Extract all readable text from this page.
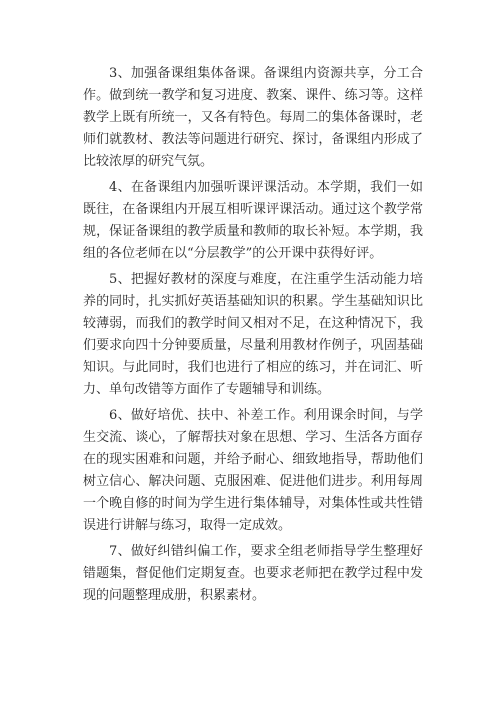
3、加强备课组集体备课。备课组内资源共享，分工合
作。做到统一教学和复习进度、教案、课件、练习等。这样
教学上既有所统一，又各有特色。每周二的集体备课时，老
师们就教材、教法等问题进行研究、探讨，备课组内形成了
比较浓厚的研究气氛。
4、在备课组内加强听课评课活动。本学期，我们一如
既往，在备课组内开展互相听课评课活动。通过这个教学常
规，保证备课组的教学质量和教师的取长补短。本学期，我
组的各位老师在以“分层教学”的公开课中获得好评。
5、把握好教材的深度与难度，在注重学生活动能力培
养的同时，扎实抓好英语基础知识的积累。学生基础知识比
较薄弱，而我们的教学时间又相对不足，在这种情况下，我
们要求向四十分钟要质量，尽量利用教材作例子，巩固基础
知识。与此同时，我们也进行了相应的练习，并在词汇、听
力、单句改错等方面作了专题辅导和训练。
6、做好培优、扶中、补差工作。利用课余时间，与学
生交流、谈心，了解帮扶对象在思想、学习、生活各方面存
在的现实困难和问题，并给予耐心、细致地指导，帮助他们
树立信心、解决问题、克服困难、促进他们进步。利用每周
一个晚自修的时间为学生进行集体辅导，对集体性或共性错
误进行讲解与练习，取得一定成效。
7、做好纠错纠偏工作，要求全组老师指导学生整理好
错题集，督促他们定期复查。也要求老师把在教学过程中发
现的问题整理成册，积累素材。
